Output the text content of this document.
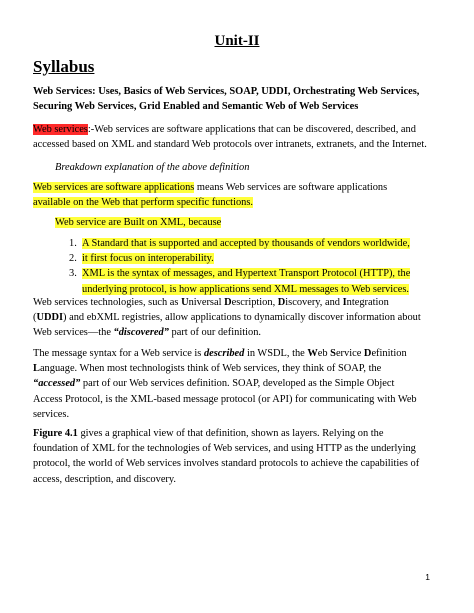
Unit-II
Syllabus
Web Services: Uses, Basics of Web Services, SOAP, UDDI, Orchestrating Web Services,
Securing Web Services, Grid Enabled and Semantic Web of Web Services
Web services:-Web services are software applications that can be discovered, described, and
accessed based on XML and standard Web protocols over intranets, extranets, and the Internet.
Breakdown explanation of the above definition
Web services are software applications means Web services are software applications
available on the Web that perform specific functions.
Web service are Built on XML, because
1. A Standard that is supported and accepted by thousands of vendors worldwide,
2. it first focus on interoperability.
3. XML is the syntax of messages, and Hypertext Transport Protocol (HTTP), the
underlying protocol, is how applications send XML messages to Web services.
Web services technologies, such as Universal Description, Discovery, and Integration
(UDDI) and ebXML registries, allow applications to dynamically discover information about
Web services—the “discovered” part of our definition.
The message syntax for a Web service is described in WSDL, the Web Service Definition
Language. When most technologists think of Web services, they think of SOAP, the
“accessed” part of our Web services definition. SOAP, developed as the Simple Object
Access Protocol, is the XML-based message protocol (or API) for communicating with Web
services.
Figure 4.1 gives a graphical view of that definition, shown as layers. Relying on the
foundation of XML for the technologies of Web services, and using HTTP as the underlying
protocol, the world of Web services involves standard protocols to achieve the capabilities of
access, description, and discovery.
1
